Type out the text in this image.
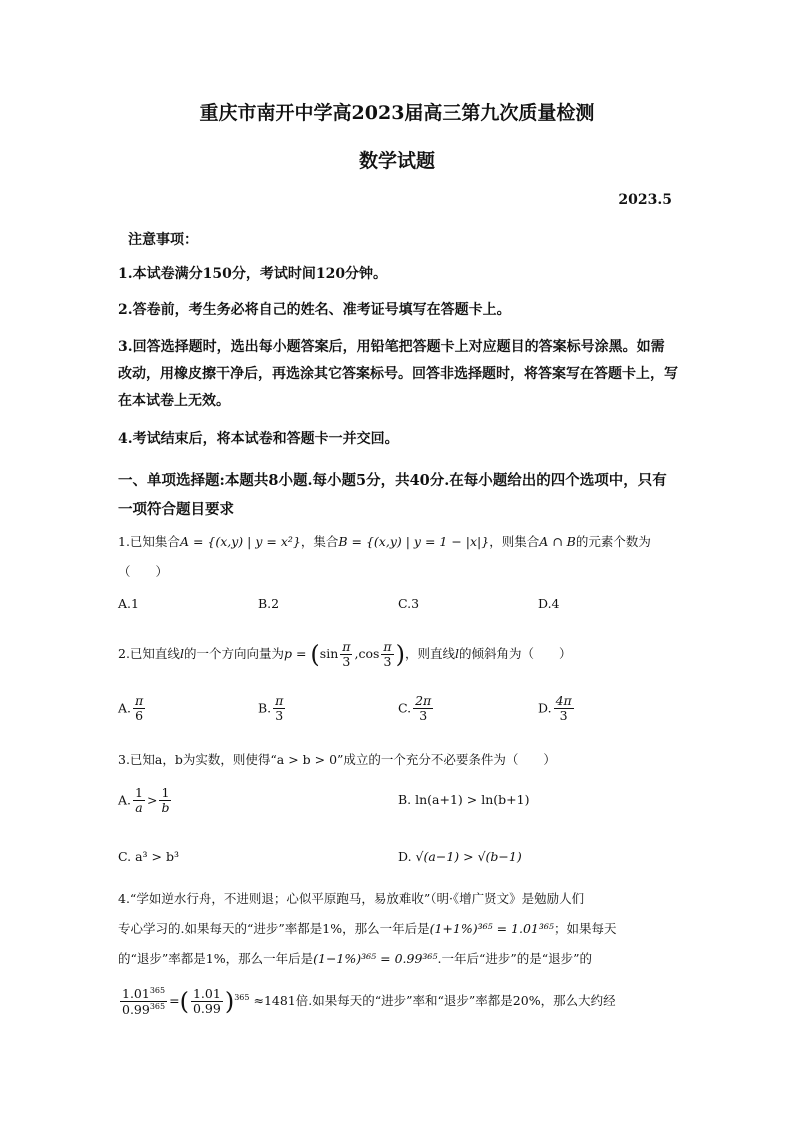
重庆市南开中学高2023届高三第九次质量检测
数学试题
2023.5
注意事项：
1.本试卷满分150分，考试时间120分钟。
2.答卷前，考生务必将自己的姓名、准考证号填写在答题卡上。
3.回答选择题时，选出每小题答案后，用铅笔把答题卡上对应题目的答案标号涂黑。如需改动，用橡皮擦干净后，再选涂其它答案标号。回答非选择题时，将答案写在答题卡上，写在本试卷上无效。
4.考试结束后，将本试卷和答题卡一并交回。
一、单项选择题:本题共8小题.每小题5分，共40分.在每小题给出的四个选项中，只有一项符合题目要求
1.已知集合A = {(x,y) | y = x²}，集合B = {(x,y) | y = 1 − |x|}，则集合A ∩ B的元素个数为
（　　）
A.1	B.2	C.3	D.4
2.已知直线l的一个方向向量为$p = (\sin \frac{\pi}{3} ,\cos \frac{\pi}{3}$ )，则直线l的倾斜角为（　　）
A. $\frac{\pi}{6}$	B. $\frac{\pi}{3}$	C. $\frac{2\pi}{3}$	D. $\frac{4\pi}{3}$
3.已知a，b为实数，则使得“a > b > 0”成立的一个充分不必要条件为（　　）
A. $\frac{1}{a} > \frac{1}{b}$	B. ln(a+1) > ln(b+1)
C. a³ > b³	D. √(a−1) > √(b−1)
4.“学如逆水行舟，不进则退；心似平原跑马，易放难收”（明·《增广贤文》是勉励人们
专心学习的.如果每天的“进步”率都是1%，那么一年后是(1+1%)³⁶⁵ = 1.01³⁶⁵；如果每天
的“退步”率都是1%，那么一年后是(1−1%)³⁶⁵ = 0.99³⁶⁵.一年后“进步”的是“退步”的
$\frac{1.01^{365}}{0.99^{365}}$ =( $\frac{1.01}{0.99} )^{365} \approx 1481$倍.如果每天的“进步”率和“退步”率都是20%，那么大约经
